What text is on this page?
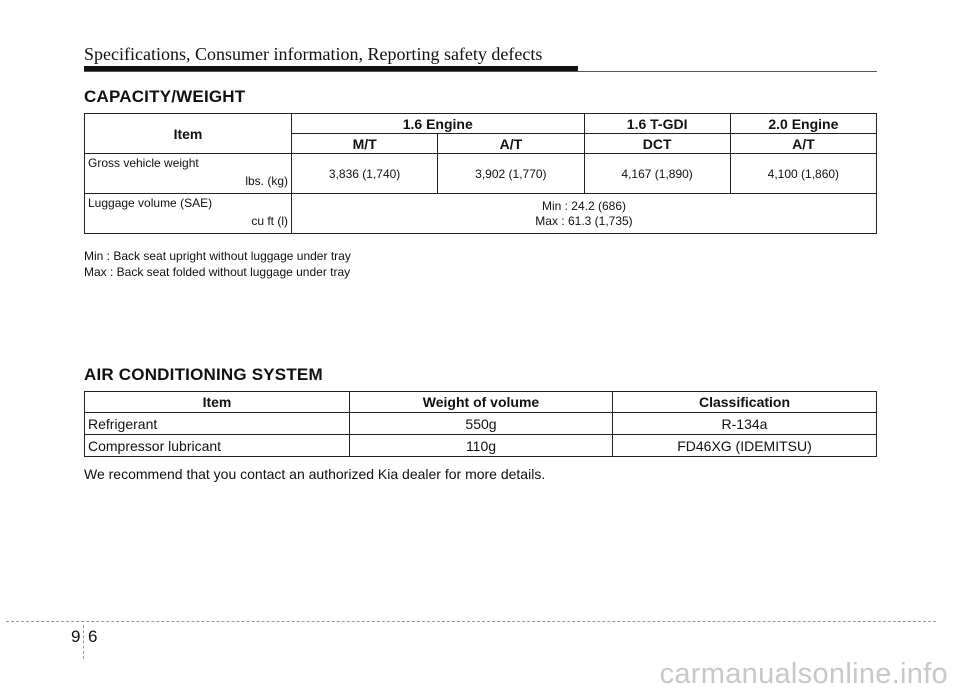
Specifications, Consumer information, Reporting safety defects
CAPACITY/WEIGHT
Item	1.6 Engine		1.6 T-GDI	2.0 Engine
	M/T	A/T	DCT	A/T

Gross vehicle weight
lbs. (kg)	3,836 (1,740)	3,902 (1,770)	4,167 (1,890)	4,100 (1,860)

Luggage volume (SAE)
cu ft (l)	Min : 24.2 (686)
Max : 61.3 (1,735)			
Min : Back seat upright without luggage under tray
Max : Back seat folded without luggage under tray
AIR CONDITIONING SYSTEM
Item	Weight of volume	Classification
Refrigerant	550g	R-134a
Compressor lubricant	110g	FD46XG (IDEMITSU)
We recommend that you contact an authorized Kia dealer for more details.
9 6
carmanualsonline.info
